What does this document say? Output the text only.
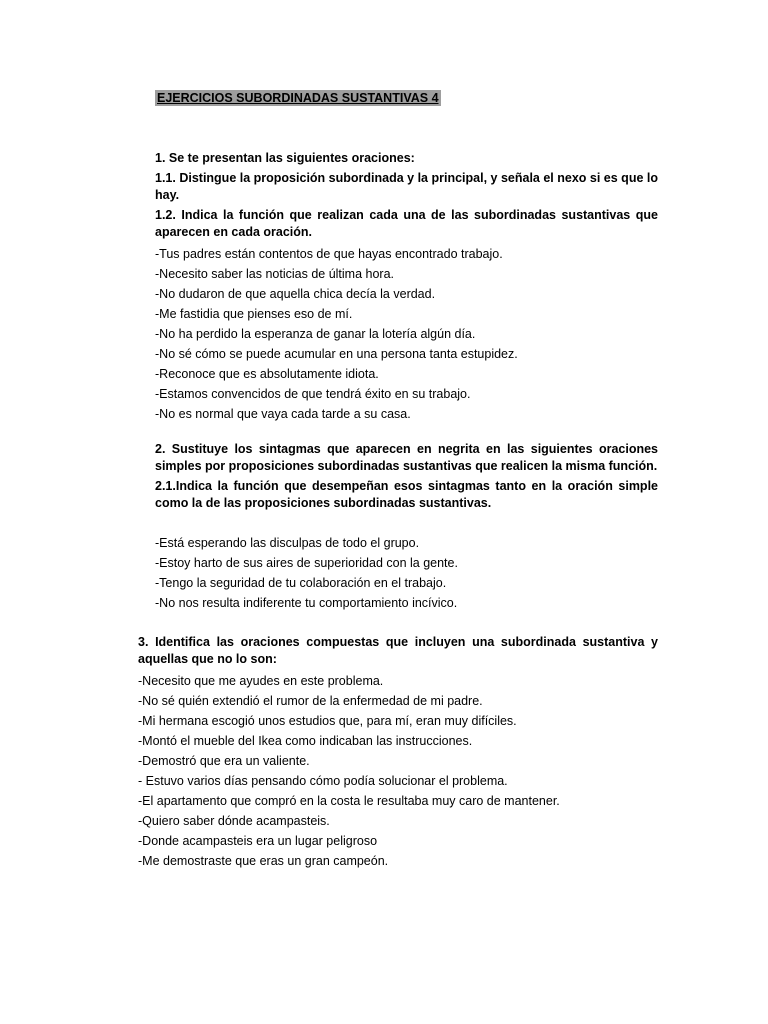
EJERCICIOS SUBORDINADAS SUSTANTIVAS 4

1. Se te presentan las siguientes oraciones:

1.1. Distingue la proposición subordinada y la principal, y señala el nexo si es que lo hay.

1.2. Indica la función que realizan cada una de las subordinadas sustantivas que aparecen en cada oración.

-Tus padres están contentos de que hayas encontrado trabajo.
-Necesito saber las noticias de última hora.
-No dudaron de que aquella chica decía la verdad.
-Me fastidia que pienses eso de mí.
-No ha perdido la esperanza de ganar la lotería algún día.
-No sé cómo se puede acumular en una persona tanta estupidez.
-Reconoce que es absolutamente idiota.
-Estamos convencidos de que tendrá éxito en su trabajo.
-No es normal que vaya cada tarde a su casa.

2. Sustituye los sintagmas que aparecen en negrita en las siguientes oraciones simples por proposiciones subordinadas sustantivas que realicen la misma función.

2.1.Indica la función que desempeñan esos sintagmas tanto en la oración simple como la de las proposiciones subordinadas sustantivas.

-Está esperando las disculpas de todo el grupo.
-Estoy harto de sus aires de superioridad con la gente.
-Tengo la seguridad de tu colaboración en el trabajo.
-No nos resulta indiferente tu comportamiento incívico.

3. Identifica las oraciones compuestas que incluyen una subordinada sustantiva y aquellas que no lo son:

-Necesito que me ayudes en este problema.
-No sé quién extendió el rumor de la enfermedad de mi padre.
-Mi hermana escogió unos estudios que, para mí, eran muy difíciles.
-Montó el mueble del Ikea como indicaban las instrucciones.
-Demostró que era un valiente.
- Estuvo varios días pensando cómo podía solucionar el problema.
-El apartamento que compró en la costa le resultaba muy caro de mantener.
-Quiero saber dónde acampasteis.
-Donde acampasteis era un lugar peligroso
-Me demostraste que eras un gran campeón.
